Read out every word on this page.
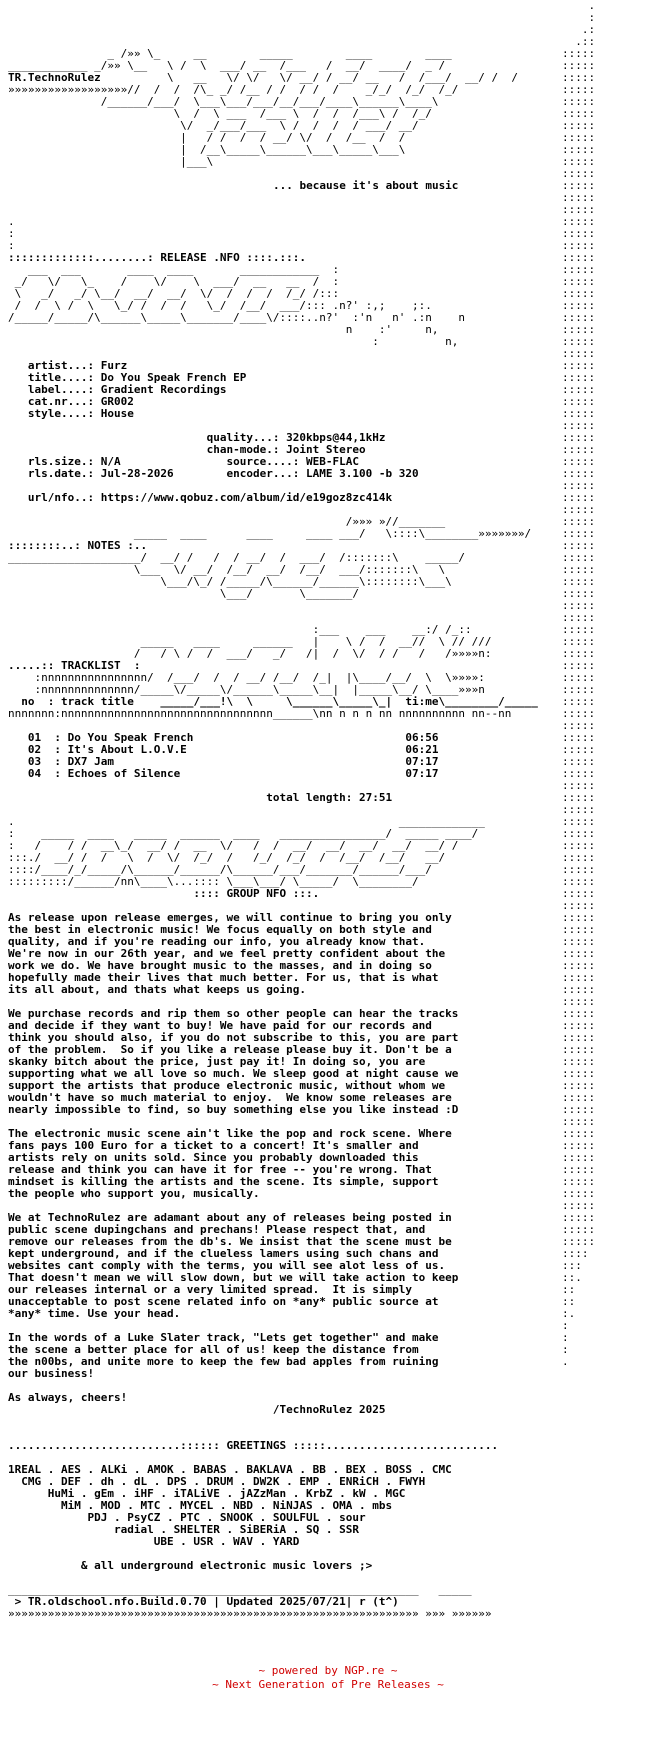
.
:
.:
.::
:::::
:::::
:::::
:::::
:::::
:::::
:::::
:::::
:::::
:::::
:::::
:::::
:::::
:::::
:::::
:::::
:::::
:::::
:::::
:::::
:::::
:::::
:::::
:::::
:::::
:::::
:::::
:::::
:::::
:::::
:::::
:::::
:::::
:::::
:::::
:::::
:::::
:::::
:::::
:::::
:::::
:::::
:::::
:::::
:::::
:::::
:::::
:::::
:::::
:::::
:::::
:::::
:::::
:::::
:::::
:::::
:::::
:::::
:::::
:::::
:::::
:::::
:::::
:::::
:::::
:::::
:::::
:::::
:::::
:::::
:::::
:::::
:::::
:::::
:::::
:::::
:::::
:::::
:::::
:::::
:::::
:::::
:::::
:::::
:::::
:::::
:::::
:::::
:::::
:::::
:::::
:::::
:::::
:::::
:::::
:::::
:::::
:::::
:::::
:::::
::::
:::
::.
::
::
:.
:
:
:
.
_ /»» \_     __        _____        ____        ____
____________ _/»» \__   \ /  \  ___/ __  /___   /  __/  ____/  _ /
TR.TechnoRulez	\   __   \/ \/   \/ __/ / __/ __   /  /___/  __/ /  /
»»»»»»»»»»»»»»»»»»//  /  /  /\_ _/ /__ / /  / /  /    _/_/  /_/  /_/
/______/___/  \___\___/___/__/___/____\______\____\
\  /  \ ___  /___ \  /  /  /___\ /  /_/
\/  _/___/___  \ /  /  /  / ___/ __/
|   / /  /  / __/ \/  /  /__  /  /
|  /__\_____\______\___\_____\___\
|___\
... because it's about music
.
:
:
:::::::::::::........: RELEASE .NFO ::::.:::.
___  ___       ____  ____       ____________  :
_/   \/   \_    /    \/    \  ___/  __   __  /  :
\   _/   _/ \__/  __/  __/  \/  /  /  /  /_/ /:::
/  /  \ /  \   \_/ /  /  /   \_/  /__/  ___/::: .n?' :,;    ;:.
/_____/_____/\______\_____\_______/____\/::::..n?'  :'n   n' .:n    n
n    :'     n,
:          n,
artist...: Furz
title....: Do You Speak French EP
label....: Gradient Recordings
cat.nr...: GR002
style....: House
quality...: 320kbps@44,1kHz
chan-mode.: Joint Stereo
rls.size.: N/A                source....: WEB-FLAC
rls.date.: Jul-28-2026        encoder...: LAME 3.100 -b 320
url/nfo..: https://www.qobuz.com/album/id/e19goz8zc414k
/»»» »//_______
_____  ____      ____     ____ ___/   \::::\________»»»»»»»/
::::::::..: NOTES :..
____________________/  __/ /   /  / __/  /  ___/  /:::::::\    _____/
\___  \/ __/  /__/  __/  /__/  ___/:::::::\   \
\___/\_/ /_____/\______/______\::::::::\___\
\___/       \_______/
:___    ___    __:/ /_::
_____   ____     ______   |    \ /  /  __//  \ // ///
/   / \ /  /  ___/   _/   /|  /  \/  / /   /   /»»»»n:
.....:: TRACKLIST  :
:nnnnnnnnnnnnnnnn/  /___/  /  / __/ /__/  /_|  |\____/__/  \  \»»»»:
:nnnnnnnnnnnnnn/_____\/_____\/______\_____\__|  |_____\__/ \____»»»n
no  : track title    _____/___!\  \     \______\_____\_|  ti:me\________/_____
nnnnnnn:nnnnnnnnnnnnnnnnnnnnnnnnnnnnnnnn______\nn n n n nn nnnnnnnnnn nn--nn
01  : Do You Speak French                                06:56
02  : It's About L.O.V.E                                 06:21
03  : DX7 Jam                                            07:17
04  : Echoes of Silence                                  07:17
total length: 27:51
.                                                          _____________
:    _____  ____   _____  ______  ____   ________________/  _____ ____/
:   /    / /  __\_/  __/ /  __  \/   /  /  __/  __/  __/  __/  __/ /
:::./  __/ /  /   \  /  \/  /_/  /   /_/  /_/  /  /__/  /__/   __/
::::/____/_/_____/\______/______/\______/___/_______/______/___/
:::::::::/______/nn\____\...:::: \___\___/ \_____/  \________/
:::: GROUP NFO :::.
As release upon release emerges, we will continue to bring you only
the best in electronic music! We focus equally on both style and
quality, and if you're reading our info, you already know that.
We're now in our 26th year, and we feel pretty confident about the
work we do. We have brought music to the masses, and in doing so
hopefully made their lives that much better. For us, that is what
its all about, and thats what keeps us going.
We purchase records and rip them so other people can hear the tracks
and decide if they want to buy! We have paid for our records and
think you should also, if you do not subscribe to this, you are part
of the problem.  So if you like a release please buy it. Don't be a
skanky bitch about the price, just pay it! In doing so, you are
supporting what we all love so much. We sleep good at night cause we
support the artists that produce electronic music, without whom we
wouldn't have so much material to enjoy.  We know some releases are
nearly impossible to find, so buy something else you like instead :D
The electronic music scene ain't like the pop and rock scene. Where
fans pays 100 Euro for a ticket to a concert! It's smaller and
artists rely on units sold. Since you probably downloaded this
release and think you can have it for free -- you're wrong. That
mindset is killing the artists and the scene. Its simple, support
the people who support you, musically.
We at TechnoRulez are adamant about any of releases being posted in
public scene dupingchans and prechans! Please respect that, and
remove our releases from the db's. We insist that the scene must be
kept underground, and if the clueless lamers using such chans and
websites cant comply with the terms, you will see alot less of us.
That doesn't mean we will slow down, but we will take action to keep
our releases internal or a very limited spread.  It is simply
unacceptable to post scene related info on *any* public source at
*any* time. Use your head.
In the words of a Luke Slater track, "Lets get together" and make
the scene a better place for all of us! keep the distance from
the n00bs, and unite more to keep the few bad apples from ruining
our business!
As always, cheers!
/TechnoRulez 2025
..........................:::::: GREETINGS :::::..........................
1REAL . AES . ALKi . AMOK . BABAS . BAKLAVA . BB . BEX . BOSS . CMC
CMG . DEF . dh . dL . DPS . DRUM . DW2K . EMP . ENRiCH . FWYH
HuMi . gEm . iHF . iTALiVE . jAZzMan . KrbZ . kW . MGC
MiM . MOD . MTC . MYCEL . NBD . NiNJAS . OMA . mbs
PDJ . PsyCZ . PTC . SNOOK . SOULFUL . sour
radial . SHELTER . SiBERiA . SQ . SSR
UBE . USR . WAV . YARD
& all underground electronic music lovers ;>
______________________________________________________________   _____
> TR.oldschool.nfo.Build.0.70 | Updated 2025/07/21| r (t^)
»»»»»»»»»»»»»»»»»»»»»»»»»»»»»»»»»»»»»»»»»»»»»»»»»»»»»»»»»»»»»» »»» »»»»»»
~ powered by NGP.re ~
~ Next Generation of Pre Releases ~
